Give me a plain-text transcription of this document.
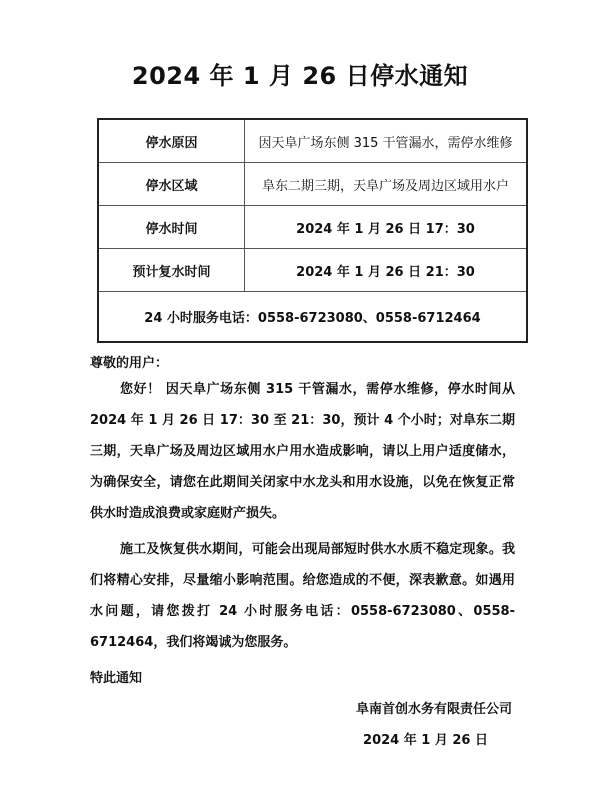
2024 年 1 月 26 日停水通知
停水原因	因天阜广场东侧 315 干管漏水，需停水维修
停水区域	阜东二期三期，天阜广场及周边区域用水户
停水时间	2024 年 1 月 26 日 17：30
预计复水时间	2024 年 1 月 26 日 21：30
24 小时服务电话：0558-6723080、0558-6712464	
尊敬的用户：

您好！ 因天阜广场东侧 315 干管漏水，需停水维修，停水时间从 2024 年 1 月 26 日 17：30 至 21：30，预计 4 个小时；对阜东二期三期，天阜广场及周边区域用水户用水造成影响，请以上用户适度储水，为确保安全，请您在此期间关闭家中水龙头和用水设施，以免在恢复正常供水时造成浪费或家庭财产损失。

施工及恢复供水期间，可能会出现局部短时供水水质不稳定现象。我们将精心安排，尽量缩小影响范围。给您造成的不便，深表歉意。如遇用水问题，请您拨打 24 小时服务电话：0558-6723080、0558-6712464，我们将竭诚为您服务。

特此通知
阜南首创水务有限责任公司
2024 年 1 月 26 日
